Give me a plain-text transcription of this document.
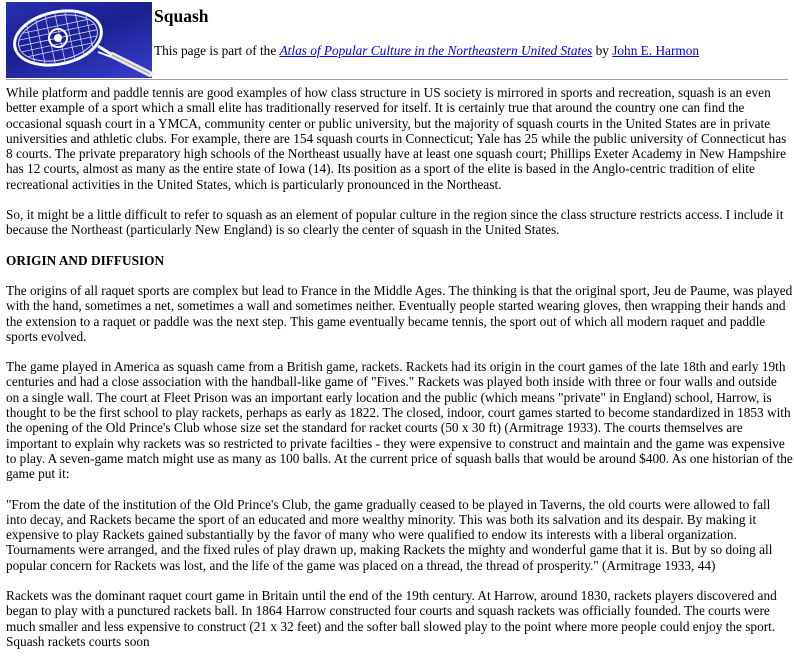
Squash
This page is part of the Atlas of Popular Culture in the Northeastern United States by John E. Harmon

While platform and paddle tennis are good examples of how class structure in US society is mirrored in sports and recreation, squash is an even better example of a sport which a small elite has traditionally reserved for itself. It is certainly true that around the country one can find the occasional squash court in a YMCA, community center or public university, but the majority of squash courts in the United States are in private universities and athletic clubs. For example, there are 154 squash courts in Connecticut; Yale has 25 while the public university of Connecticut has 8 courts. The private preparatory high schools of the Northeast usually have at least one squash court; Phillips Exeter Academy in New Hampshire has 12 courts, almost as many as the entire state of Iowa (14). Its position as a sport of the elite is based in the Anglo-centric tradition of elite recreational activities in the United States, which is particularly pronounced in the Northeast.

So, it might be a little difficult to refer to squash as an element of popular culture in the region since the class structure restricts access. I include it because the Northeast (particularly New England) is so clearly the center of squash in the United States.

ORIGIN AND DIFFUSION

The origins of all raquet sports are complex but lead to France in the Middle Ages. The thinking is that the original sport, Jeu de Paume, was played with the hand, sometimes a net, sometimes a wall and sometimes neither. Eventually people started wearing gloves, then wrapping their hands and the extension to a raquet or paddle was the next step. This game eventually became tennis, the sport out of which all modern raquet and paddle sports evolved.

The game played in America as squash came from a British game, rackets. Rackets had its origin in the court games of the late 18th and early 19th centuries and had a close association with the handball-like game of "Fives." Rackets was played both inside with three or four walls and outside on a single wall. The court at Fleet Prison was an important early location and the public (which means "private" in England) school, Harrow, is thought to be the first school to play rackets, perhaps as early as 1822. The closed, indoor, court games started to become standardized in 1853 with the opening of the Old Prince's Club whose size set the standard for racket courts (50 x 30 ft) (Armitrage 1933). The courts themselves are important to explain why rackets was so restricted to private facilties - they were expensive to construct and maintain and the game was expensive to play. A seven-game match might use as many as 100 balls. At the current price of squash balls that would be around $400. As one historian of the game put it:

"From the date of the institution of the Old Prince's Club, the game gradually ceased to be played in Taverns, the old courts were allowed to fall into decay, and Rackets became the sport of an educated and more wealthy minority. This was both its salvation and its despair. By making it expensive to play Rackets gained substantially by the favor of many who were qualified to endow its interests with a liberal organization. Tournaments were arranged, and the fixed rules of play drawn up, making Rackets the mighty and wonderful game that it is. But by so doing all popular concern for Rackets was lost, and the life of the game was placed on a thread, the thread of prosperity." (Armitrage 1933, 44)

Rackets was the dominant raquet court game in Britain until the end of the 19th century. At Harrow, around 1830, rackets players discovered and began to play with a punctured rackets ball. In 1864 Harrow constructed four courts and squash rackets was officially founded. The courts were much smaller and less expensive to construct (21 x 32 feet) and the softer ball slowed play to the point where more people could enjoy the sport. Squash rackets courts soon
